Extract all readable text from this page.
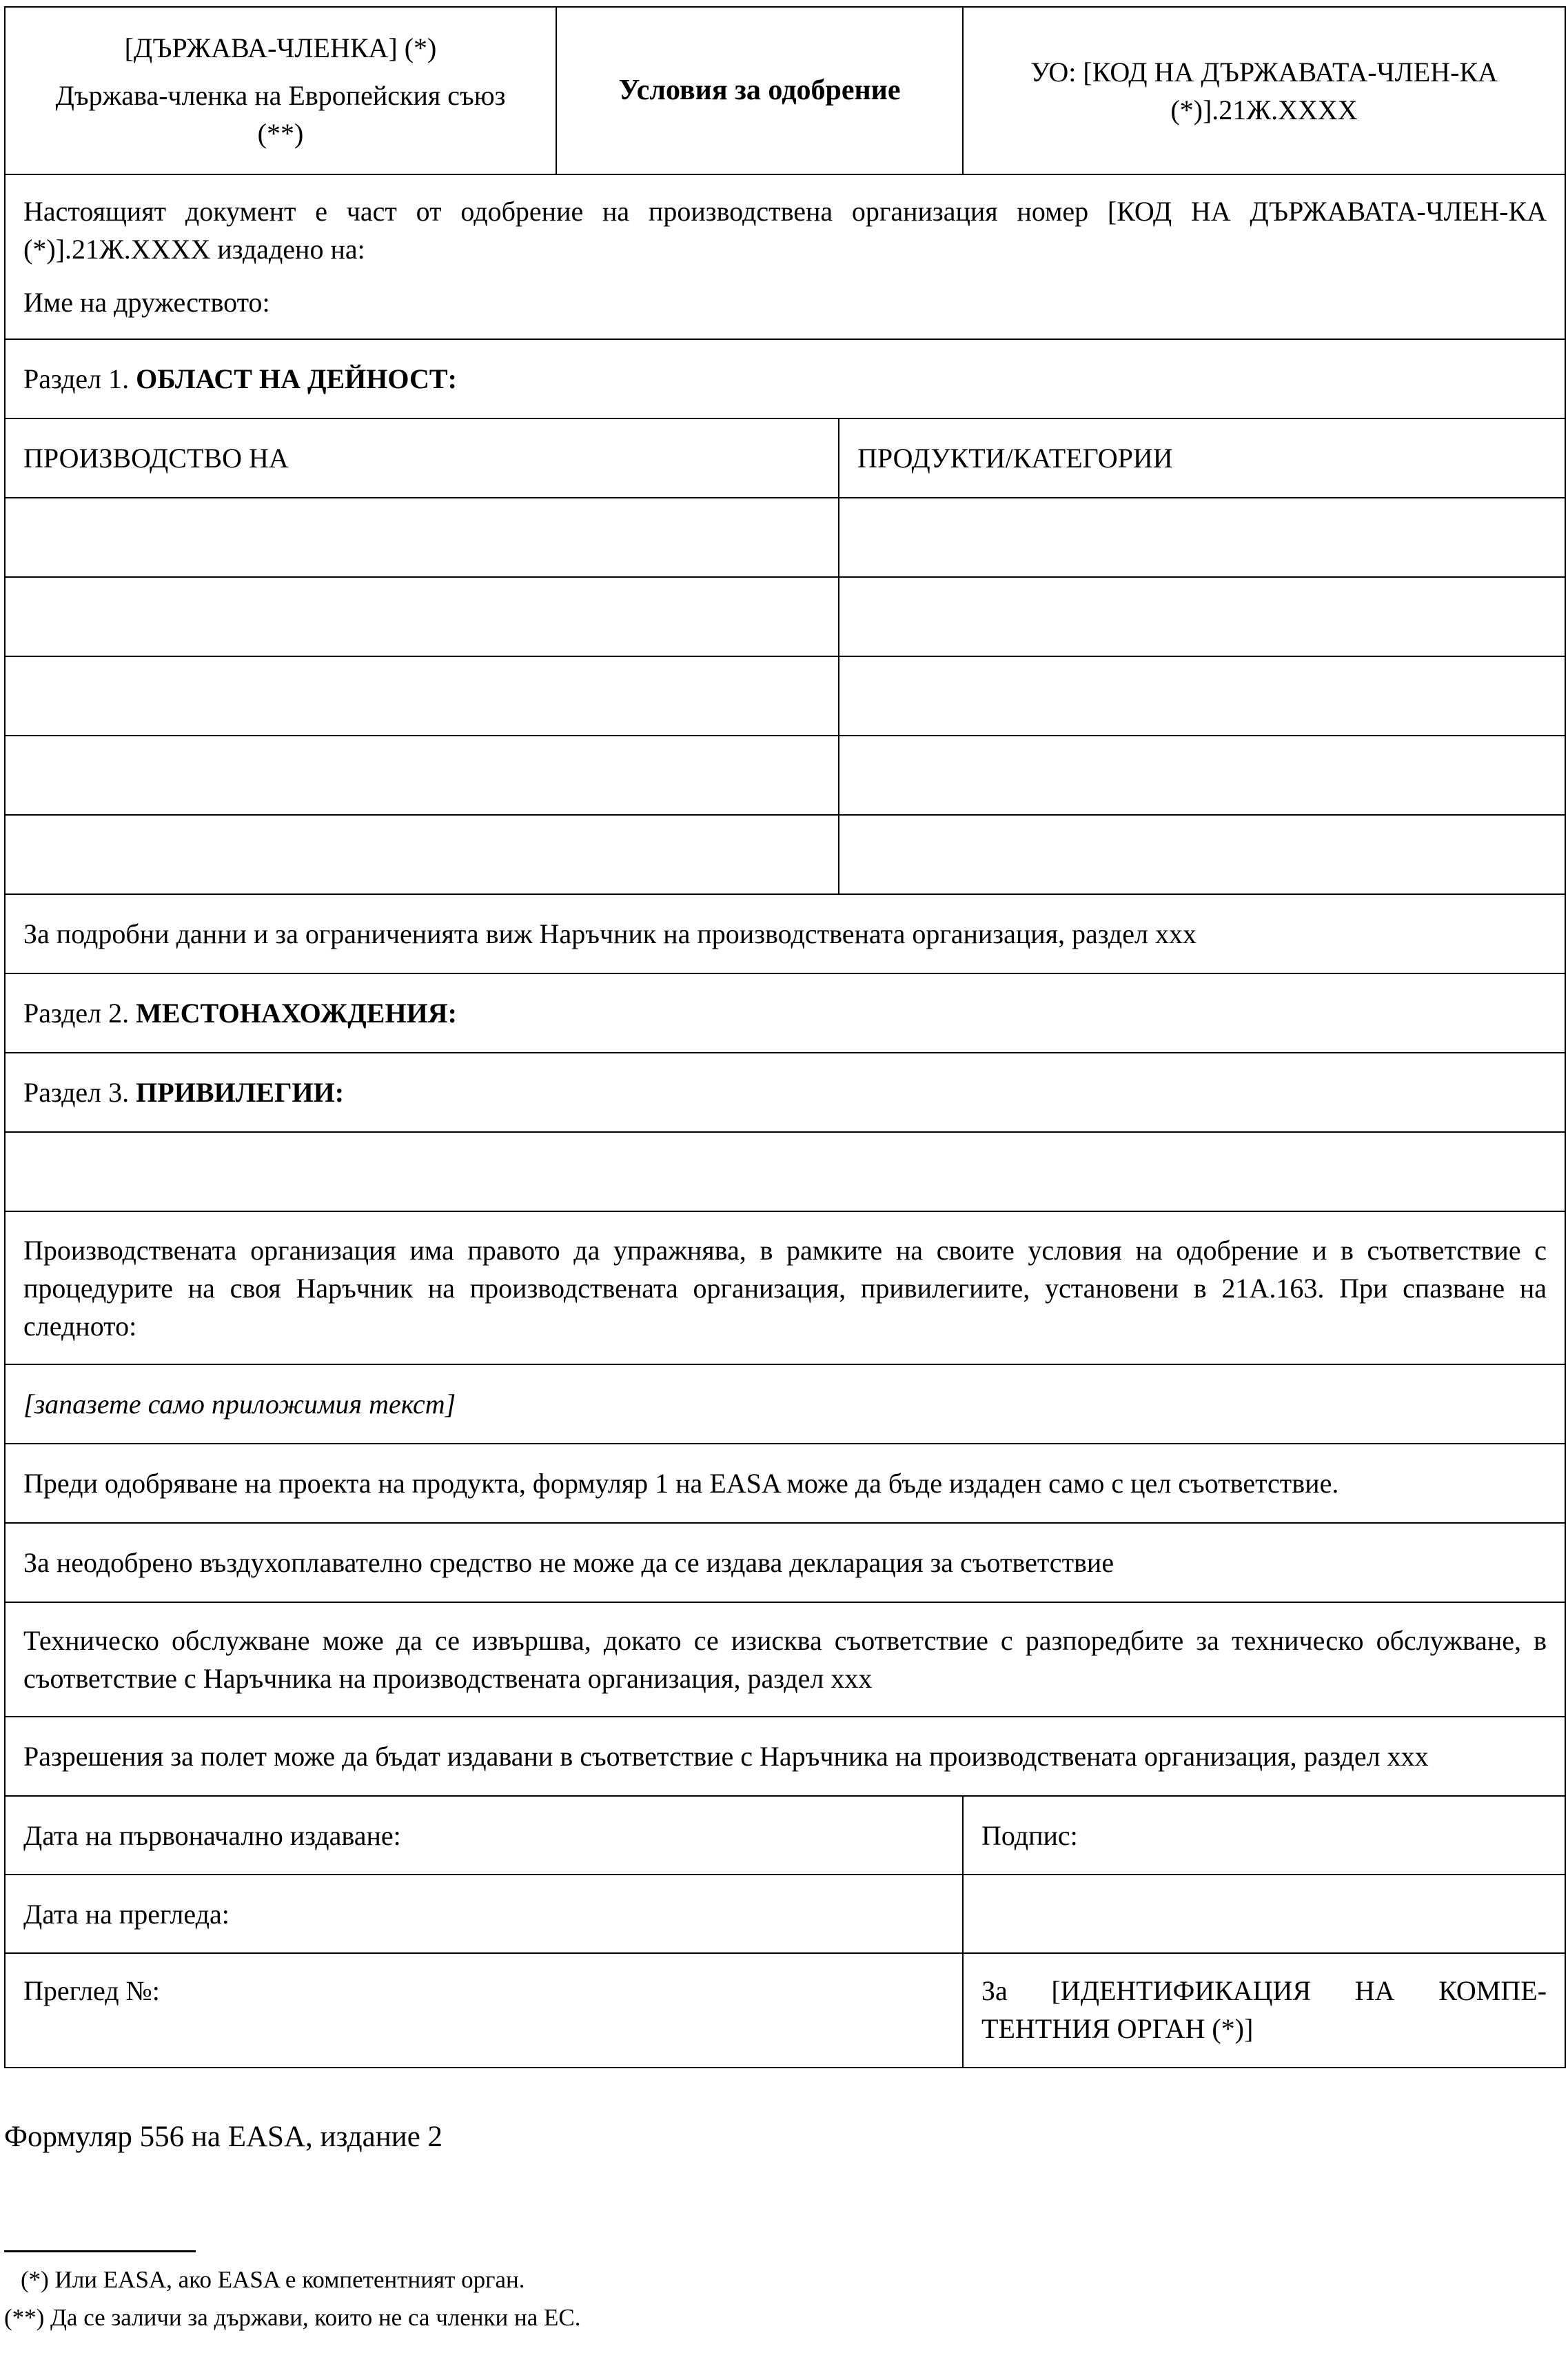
[ДЪРЖАВА-ЧЛЕНКА] (*)
Държава-членка на Европейския съюз (**)	Условия за одобрение		УО: [КОД НА ДЪРЖАВАТА-ЧЛЕН-КА (*)].21Ж.XXXX

Настоящият документ е част от одобрение на производствена организация номер [КОД НА ДЪРЖАВАТА-ЧЛЕН-КА (*)].21Ж.XXXX издадено на:

Име на дружеството:			

Раздел 1. ОБЛАСТ НА ДЕЙНОСТ:			
ПРОИЗВОДСТВО НА		ПРОДУКТИ/КАТЕГОРИИ	

За подробни данни и за ограниченията виж Наръчник на производствената организация, раздел xxx			
Раздел 2. МЕСТОНАХОЖДЕНИЯ:			
Раздел 3. ПРИВИЛЕГИИ:			

Производствената организация има правото да упражнява, в рамките на своите условия на одобрение и в съответствие с процедурите на своя Наръчник на производствената организация, привилегиите, установени в 21A.163. При спазване на следното:			
[запазете само приложимия текст]			
Преди одобряване на проекта на продукта, формуляр 1 на EASA може да бъде издаден само с цел съответствие.			
За неодобрено въздухоплавателно средство не може да се издава декларация за съответствие			
Техническо обслужване може да се извършва, докато се изисква съответствие с разпоредбите за техническо обслужване, в съответствие с Наръчника на производствената организация, раздел xxx			
Разрешения за полет може да бъдат издавани в съответствие с Наръчника на производствената организация, раздел xxx			
Дата на първоначално издаване:			Подпис:
Дата на прегледа:			
Преглед №:			За [ИДЕНТИФИКАЦИЯ НА КОМПЕ-ТЕНТНИЯ ОРГАН (*)]
Формуляр 556 на EASA, издание 2
(*) Или EASA, ако EASA е компетентният орган.
(**) Да се заличи за държави, които не са членки на ЕС.
